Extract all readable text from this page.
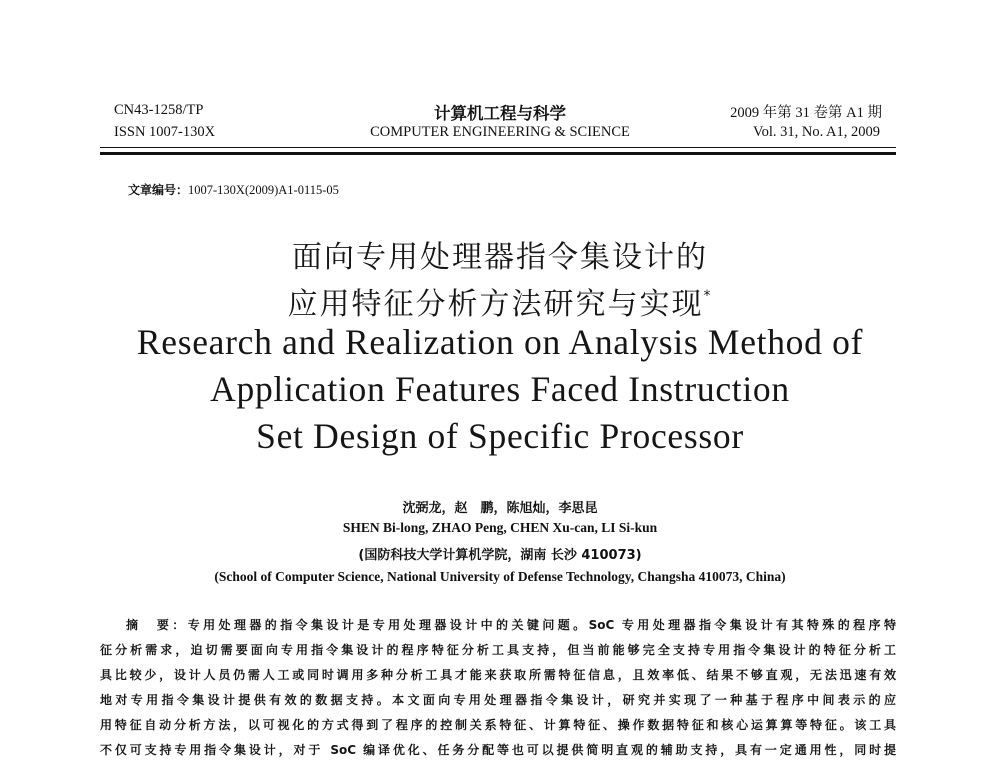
CN43-1258/TP
ISSN 1007-130X
计算机工程与科学
COMPUTER ENGINEERING & SCIENCE
2009 年第 31 卷第 A1 期
Vol. 31, No. A1, 2009
文章编号：1007-130X(2009)A1-0115-05
面向专用处理器指令集设计的
应用特征分析方法研究与实现*
Research and Realization on Analysis Method of
Application Features Faced Instruction
Set Design of Specific Processor
沈弼龙，赵　鹏，陈旭灿，李思昆
SHEN Bi-long, ZHAO Peng, CHEN Xu-can, LI Si-kun
(国防科技大学计算机学院，湖南 长沙 410073)
(School of Computer Science, National University of Defense Technology, Changsha 410073, China)
摘　要：专用处理器的指令集设计是专用处理器设计中的关键问题。SoC 专用处理器指令集设计有其特殊的程序特
征分析需求，迫切需要面向专用指令集设计的程序特征分析工具支持，但当前能够完全支持专用指令集设计的特征分析工
具比较少，设计人员仍需人工或同时调用多种分析工具才能来获取所需特征信息，且效率低、结果不够直观，无法迅速有效
地对专用指令集设计提供有效的数据支持。本文面向专用处理器指令集设计，研究并实现了一种基于程序中间表示的应
用特征自动分析方法，以可视化的方式得到了程序的控制关系特征、计算特征、操作数据特征和核心运算算等特征。该工具
不仅可支持专用指令集设计，对于 SoC 编译优化、任务分配等也可以提供简明直观的辅助支持，具有一定通用性，同时提
